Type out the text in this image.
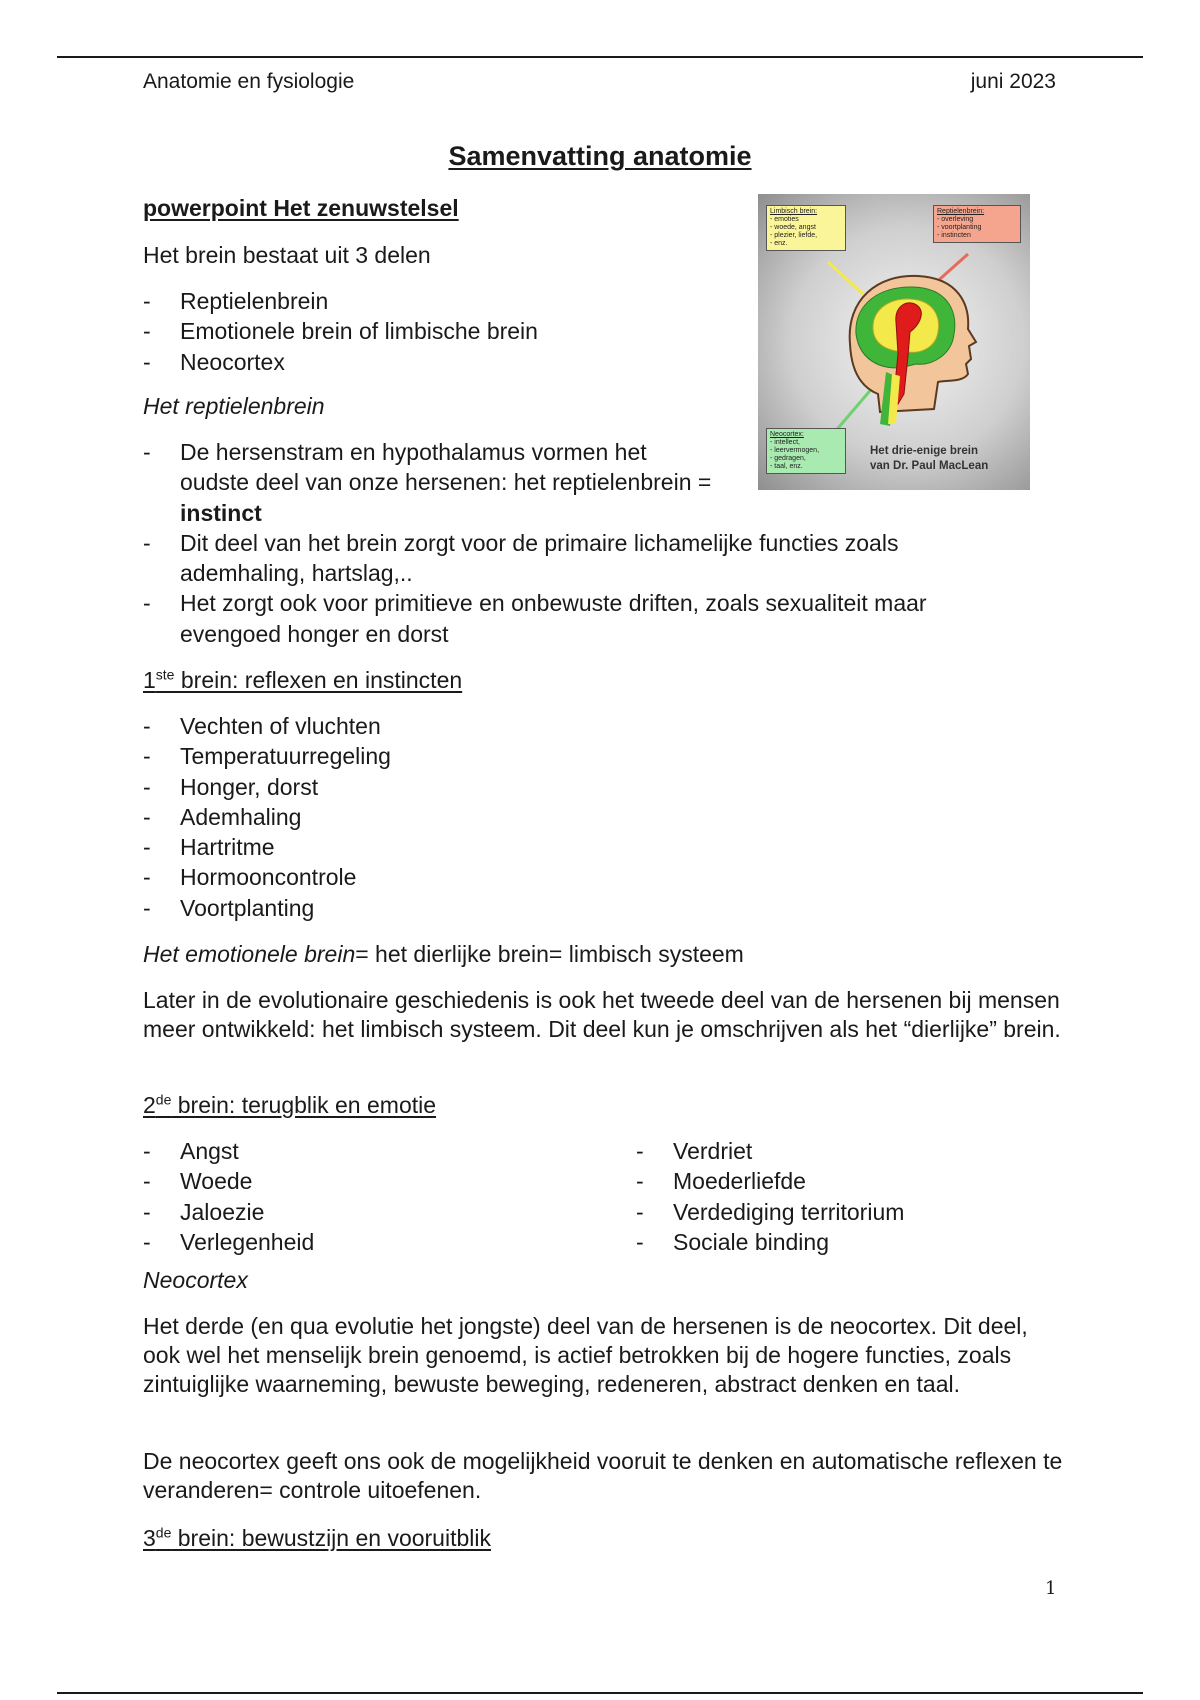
Anatomie en fysiologie	juni 2023
Samenvatting anatomie
powerpoint Het zenuwstelsel
Het brein bestaat uit 3 delen
- Reptielenbrein
- Emotionele brein of limbische brein
- Neocortex
Het reptielenbrein
- De hersenstram en hypothalamus vormen het
oudste deel van onze hersenen: het reptielenbrein =
instinct
- Dit deel van het brein zorgt voor de primaire lichamelijke functies zoals
ademhaling, hartslag,..
- Het zorgt ook voor primitieve en onbewuste driften, zoals sexualiteit maar
evengoed honger en dorst
1ste brein: reflexen en instincten
- Vechten of vluchten
- Temperatuurregeling
- Honger, dorst
- Ademhaling
- Hartritme
- Hormooncontrole
- Voortplanting
Het emotionele brein= het dierlijke brein= limbisch systeem
Later in de evolutionaire geschiedenis is ook het tweede deel van de hersenen bij mensen meer ontwikkeld: het limbisch systeem. Dit deel kun je omschrijven als het “dierlijke” brein.
2de brein: terugblik en emotie
- Angst
- Woede
- Jaloezie
- Verlegenheid
- Verdriet
- Moederliefde
- Verdediging territorium
- Sociale binding
Neocortex
Het derde (en qua evolutie het jongste) deel van de hersenen is de neocortex. Dit deel, ook wel het menselijk brein genoemd, is actief betrokken bij de hogere functies, zoals zintuiglijke waarneming, bewuste beweging, redeneren, abstract denken en taal.
De neocortex geeft ons ook de mogelijkheid vooruit te denken en automatische reflexen te veranderen= controle uitoefenen.
3de brein: bewustzijn en vooruitblik
1
Limbisch brein:
- emoties
- woede, angst
- plezier, liefde,
- enz.
Reptielenbrein:
- overleving
- voortplanting
- instincten
Neocortex:
- intellect,
- leervermogen,
- gedragen,
- taal, enz.
Het drie-enige brein
van Dr. Paul MacLean
